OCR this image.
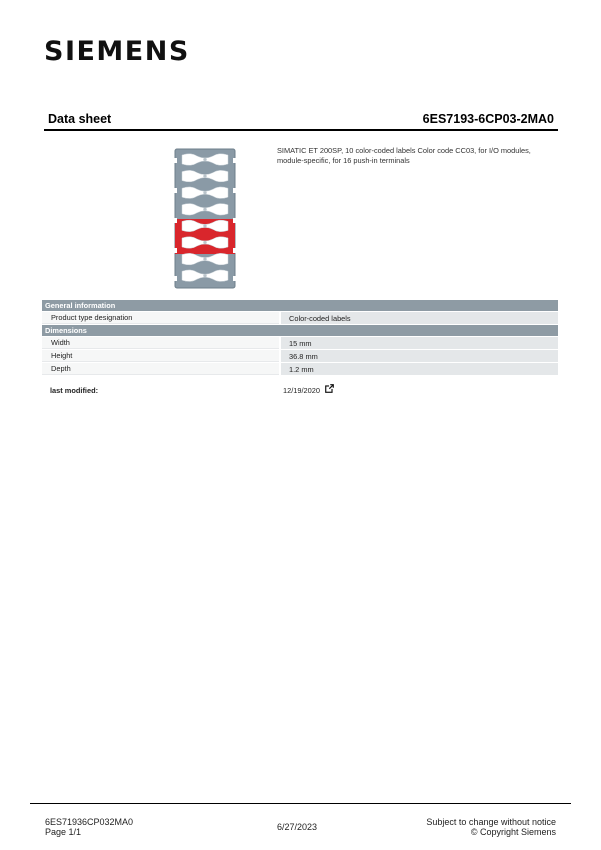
SIEMENS
Data sheet	6ES7193-6CP03-2MA0
SIMATIC ET 200SP, 10 color-coded labels Color code CC03, for I/O modules, module-specific, for 16 push-in terminals
General information		
Product type designation		Color-coded labels
Dimensions		
Width		15 mm
Height		36.8 mm
Depth		1.2 mm
last modified:	12/19/2020
6ES71936CP032MA0
Page 1/1	6/27/2023	Subject to change without notice
© Copyright Siemens
